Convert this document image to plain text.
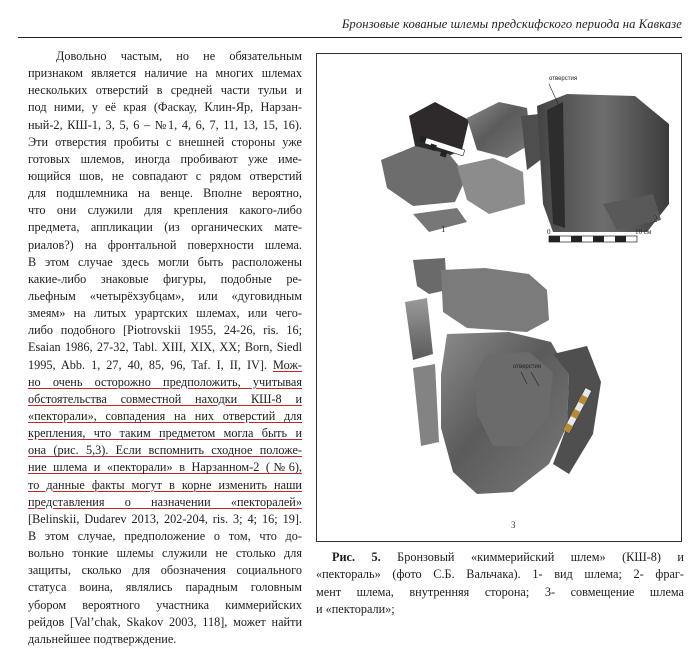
Бронзовые кованые шлемы предскифского периода на Кавказе
Довольно частым, но не обязательным
признаком является наличие на многих шлемах
нескольких отверстий в средней части тульи и
под ними, у её края (Фаскау, Клин-Яр, Нарзан-
ный-2, КШ-1, 3, 5, 6 – №1, 4, 6, 7, 11, 13, 15, 16).
Эти отверстия пробиты с внешней стороны уже
готовых шлемов, иногда пробивают уже име-
ющийся шов, не совпадают с рядом отверстий
для подшлемника на венце. Вполне вероятно,
что они служили для крепления какого-либо
предмета, аппликации (из органических мате-
риалов?) на фронтальной поверхности шлема.
В этом случае здесь могли быть расположены
какие-либо знаковые фигуры, подобные ре-
льефным «четырёхзубцам», или «дуговидным
змеям» на литых урартских шлемах, или чего-
либо подобного [Piotrovskii 1955, 24-26, ris. 16;
Esaian 1986, 27-32, Tabl. XIII, XIX, XX; Born, Siedl
1995, Abb. 1, 27, 40, 85, 96, Taf. I, II, IV]. Мож-
но очень осторожно предположить, учитывая
обстоятельства совместной находки КШ-8 и
«пекторали», совпадения на них отверстий для
крепления, что таким предметом могла быть и
она (рис. 5,3). Если вспомнить сходное положе-
ние шлема и «пекторали» в Нарзанном-2 (№6),
то данные факты могут в корне изменить наши
представления о назначении «пекторалей»
[Belinskii, Dudarev 2013, 202-204, ris. 3; 4; 16; 19].
В этом случае, предположение о том, что до-
вольно тонкие шлемы служили не столько для
защиты, сколько для обозначения социального
статуса воина, являлись парадным головным
убором вероятного участника киммерийских
рейдов [Val’chak, Skakov 2003, 118], может найти
дальнейшее подтверждение.
1
отверстия
2
0	10 см
отверстия
3
Рис. 5. Бронзовый «киммерийский шлем» (КШ-8) и
«пектораль» (фото С.Б. Вальчака). 1- вид шлема; 2- фраг-
мент шлема, внутренняя сторона; 3- совмещение шлема
и «пекторали»;
